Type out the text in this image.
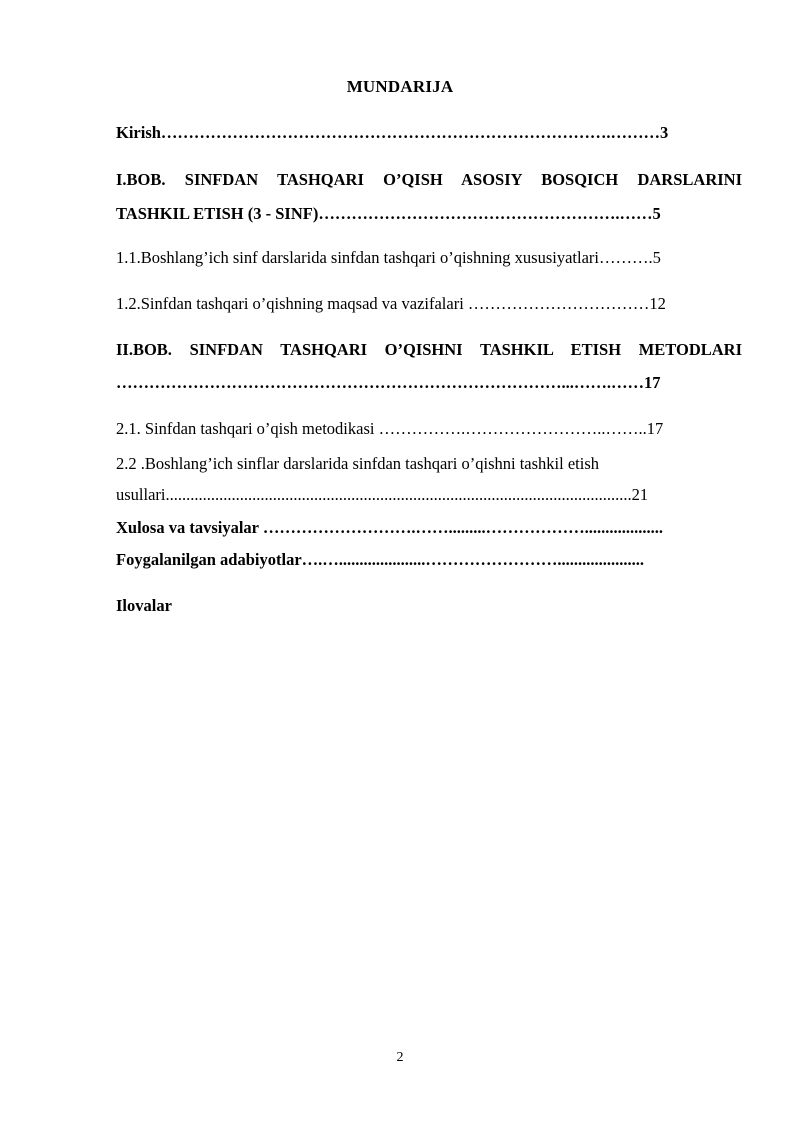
MUNDARIJA
Kirish……………………………………………………………………….………3
I.BOB. SINFDAN TASHQARI O’QISH ASOSIY BOSQICH DARSLARINI
TASHKIL ETISH (3 - SINF)……………………………………………….……5
1.1.Boshlang’ich sinf darslarida sinfdan tashqari o’qishning xususiyatlari……….5
1.2.Sinfdan tashqari o’qishning maqsad va vazifalari ……………………………12
II.BOB. SINFDAN TASHQARI O’QISHNI TASHKIL ETISH METODLARI
………………………………………………………………………...…….……17
2.1. Sinfdan tashqari o’qish metodikasi …………….……………………..……..17
2.2 .Boshlang’ich sinflar darslarida sinfdan tashqari o’qishni tashkil etish
usullari.................................................................................................................21
Xulosa va tavsiyalar ……………………….…….........………………...................
Foygalanilgan adabiyotlar….….....................…………………….....................
Ilovalar
2
